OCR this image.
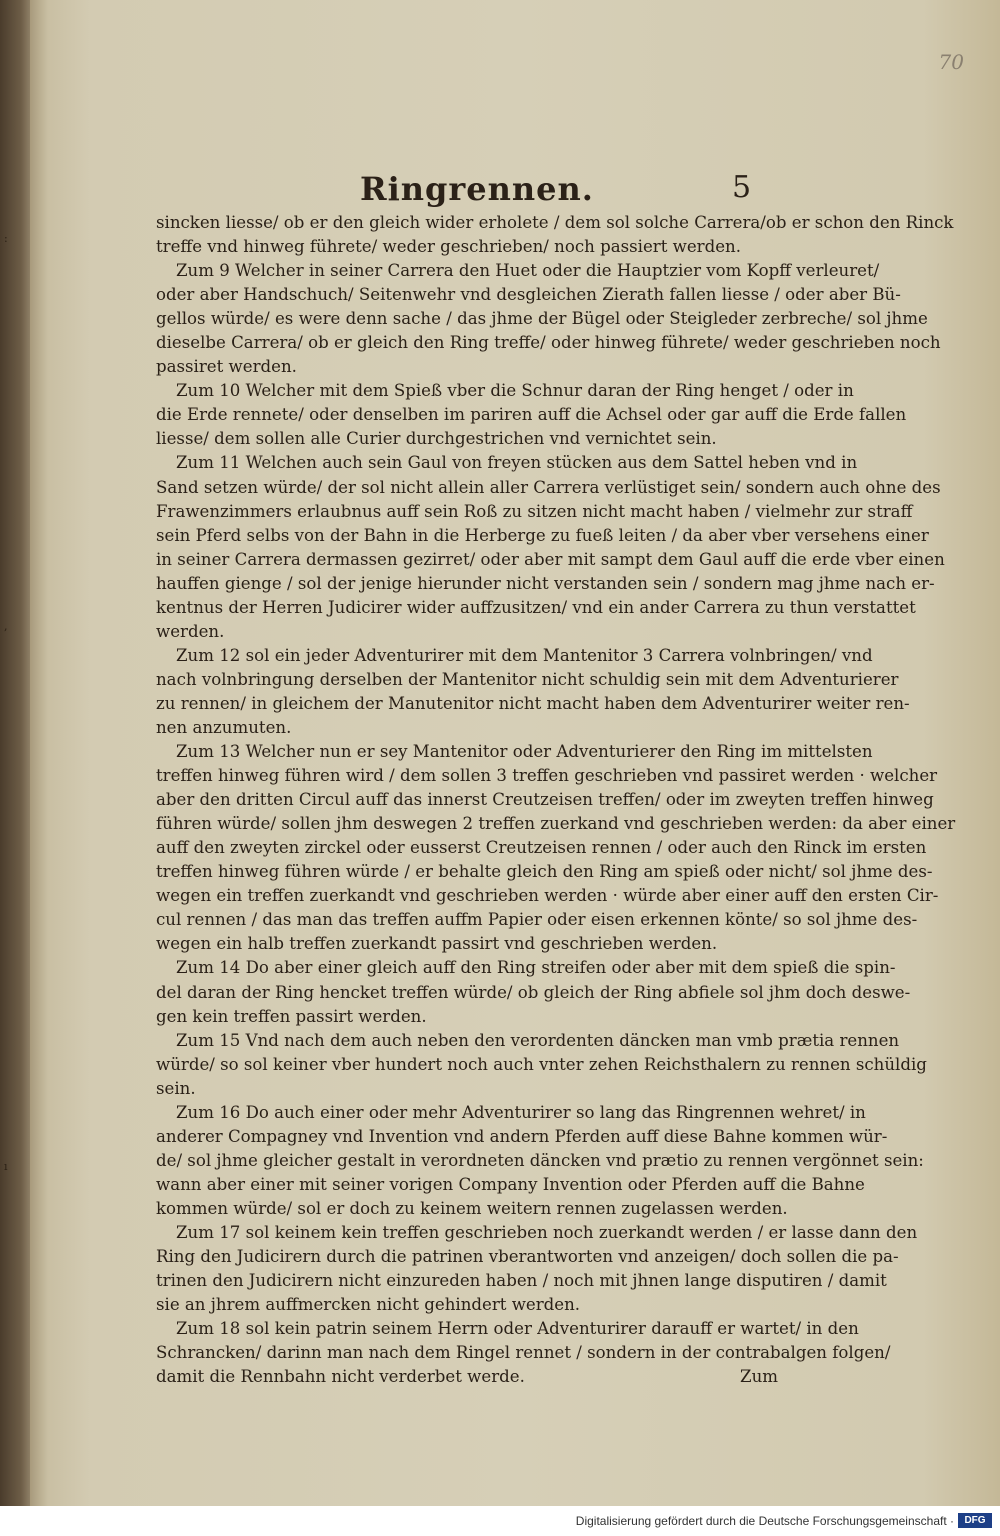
:
,
ı
70
Ringrennen.	5
sincken liesse/ ob er den gleich wider erholete / dem sol solche Carrera/ob er schon den Rinck
treffe vnd hinweg führete/ weder geschrieben/ noch passiert werden.
Zum 9 Welcher in seiner Carrera den Huet oder die Hauptzier vom Kopff verleuret/
oder aber Handschuch/ Seitenwehr vnd desgleichen Zierath fallen liesse / oder aber Bü-
gellos würde/ es were denn sache / das jhme der Bügel oder Steigleder zerbreche/ sol jhme
dieselbe Carrera/ ob er gleich den Ring treffe/ oder hinweg führete/ weder geschrieben noch
passiret werden.
Zum 10 Welcher mit dem Spieß vber die Schnur daran der Ring henget / oder in
die Erde rennete/ oder denselben im pariren auff die Achsel oder gar auff die Erde fallen
liesse/ dem sollen alle Curier durchgestrichen vnd vernichtet sein.
Zum 11 Welchen auch sein Gaul von freyen stücken aus dem Sattel heben vnd in
Sand setzen würde/ der sol nicht allein aller Carrera verlüstiget sein/ sondern auch ohne des
Frawenzimmers erlaubnus auff sein Roß zu sitzen nicht macht haben / vielmehr zur straff
sein Pferd selbs von der Bahn in die Herberge zu fueß leiten / da aber vber versehens einer
in seiner Carrera dermassen gezirret/ oder aber mit sampt dem Gaul auff die erde vber einen
hauffen gienge / sol der jenige hierunder nicht verstanden sein / sondern mag jhme nach er-
kentnus der Herren Judicirer wider auffzusitzen/ vnd ein ander Carrera zu thun verstattet
werden.
Zum 12 sol ein jeder Adventurirer mit dem Mantenitor 3 Carrera volnbringen/ vnd
nach volnbringung derselben der Mantenitor nicht schuldig sein mit dem Adventurierer
zu rennen/ in gleichem der Manutenitor nicht macht haben dem Adventurirer weiter ren-
nen anzumuten.
Zum 13 Welcher nun er sey Mantenitor oder Adventurierer den Ring im mittelsten
treffen hinweg führen wird / dem sollen 3 treffen geschrieben vnd passiret werden · welcher
aber den dritten Circul auff das innerst Creutzeisen treffen/ oder im zweyten treffen hinweg
führen würde/ sollen jhm deswegen 2 treffen zuerkand vnd geschrieben werden: da aber einer
auff den zweyten zirckel oder eusserst Creutzeisen rennen / oder auch den Rinck im ersten
treffen hinweg führen würde / er behalte gleich den Ring am spieß oder nicht/ sol jhme des-
wegen ein treffen zuerkandt vnd geschrieben werden · würde aber einer auff den ersten Cir-
cul rennen / das man das treffen auffm Papier oder eisen erkennen könte/ so sol jhme des-
wegen ein halb treffen zuerkandt passirt vnd geschrieben werden.
Zum 14 Do aber einer gleich auff den Ring streifen oder aber mit dem spieß die spin-
del daran der Ring hencket treffen würde/ ob gleich der Ring abfiele sol jhm doch deswe-
gen kein treffen passirt werden.
Zum 15 Vnd nach dem auch neben den verordenten däncken man vmb prætia rennen
würde/ so sol keiner vber hundert noch auch vnter zehen Reichsthalern zu rennen schüldig
sein.
Zum 16 Do auch einer oder mehr Adventurirer so lang das Ringrennen wehret/ in
anderer Compagney vnd Invention vnd andern Pferden auff diese Bahne kommen wür-
de/ sol jhme gleicher gestalt in verordneten däncken vnd prætio zu rennen vergönnet sein:
wann aber einer mit seiner vorigen Company Invention oder Pferden auff die Bahne
kommen würde/ sol er doch zu keinem weitern rennen zugelassen werden.
Zum 17 sol keinem kein treffen geschrieben noch zuerkandt werden / er lasse dann den
Ring den Judicirern durch die patrinen vberantworten vnd anzeigen/ doch sollen die pa-
trinen den Judicirern nicht einzureden haben / noch mit jhnen lange disputiren / damit
sie an jhrem auffmercken nicht gehindert werden.
Zum 18 sol kein patrin seinem Herrn oder Adventurirer darauff er wartet/ in den
Schrancken/ darinn man nach dem Ringel rennet / sondern in der contrabalgen folgen/
damit die Rennbahn nicht verderbet werde.	Zum
Digitalisierung gefördert durch die Deutsche Forschungsgemeinschaft ·	DFG
